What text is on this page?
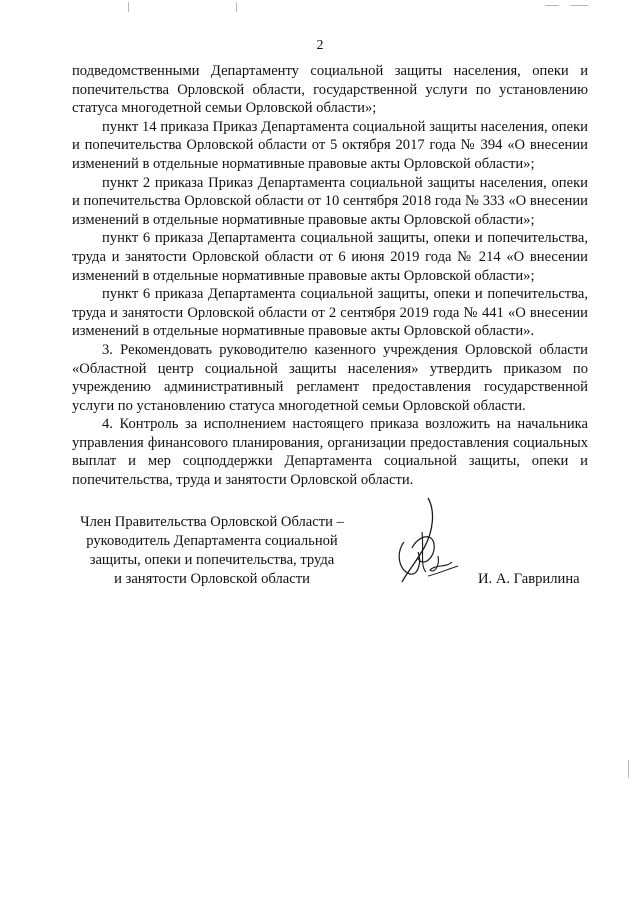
2

подведомственными Департаменту социальной защиты населения, опеки и попечительства Орловской области, государственной услуги по установлению статуса многодетной семьи Орловской области»;

пункт 14 приказа Приказ Департамента социальной защиты населения, опеки и попечительства Орловской области от 5 октября 2017 года № 394 «О внесении изменений в отдельные нормативные правовые акты Орловской области»;

пункт 2 приказа Приказ Департамента социальной защиты населения, опеки и попечительства Орловской области от 10 сентября 2018 года № 333 «О внесении изменений в отдельные нормативные правовые акты Орловской области»;

пункт 6 приказа Департамента социальной защиты, опеки и попечительства, труда и занятости Орловской области от 6 июня 2019 года № 214 «О внесении изменений в отдельные нормативные правовые акты Орловской области»;

пункт 6 приказа Департамента социальной защиты, опеки и попечительства, труда и занятости Орловской области от 2 сентября 2019 года № 441 «О внесении изменений в отдельные нормативные правовые акты Орловской области».

3. Рекомендовать руководителю казенного учреждения Орловской области «Областной центр социальной защиты населения» утвердить приказом по учреждению административный регламент предоставления государственной услуги по установлению статуса многодетной семьи Орловской области.

4. Контроль за исполнением настоящего приказа возложить на начальника управления финансового планирования, организации предоставления социальных выплат и мер соцподдержки Департамента социальной защиты, опеки и попечительства, труда и занятости Орловской области.

Член Правительства Орловской Области –
руководитель Департамента социальной
защиты, опеки и попечительства, труда
и занятости Орловской области	И. А. Гаврилина
